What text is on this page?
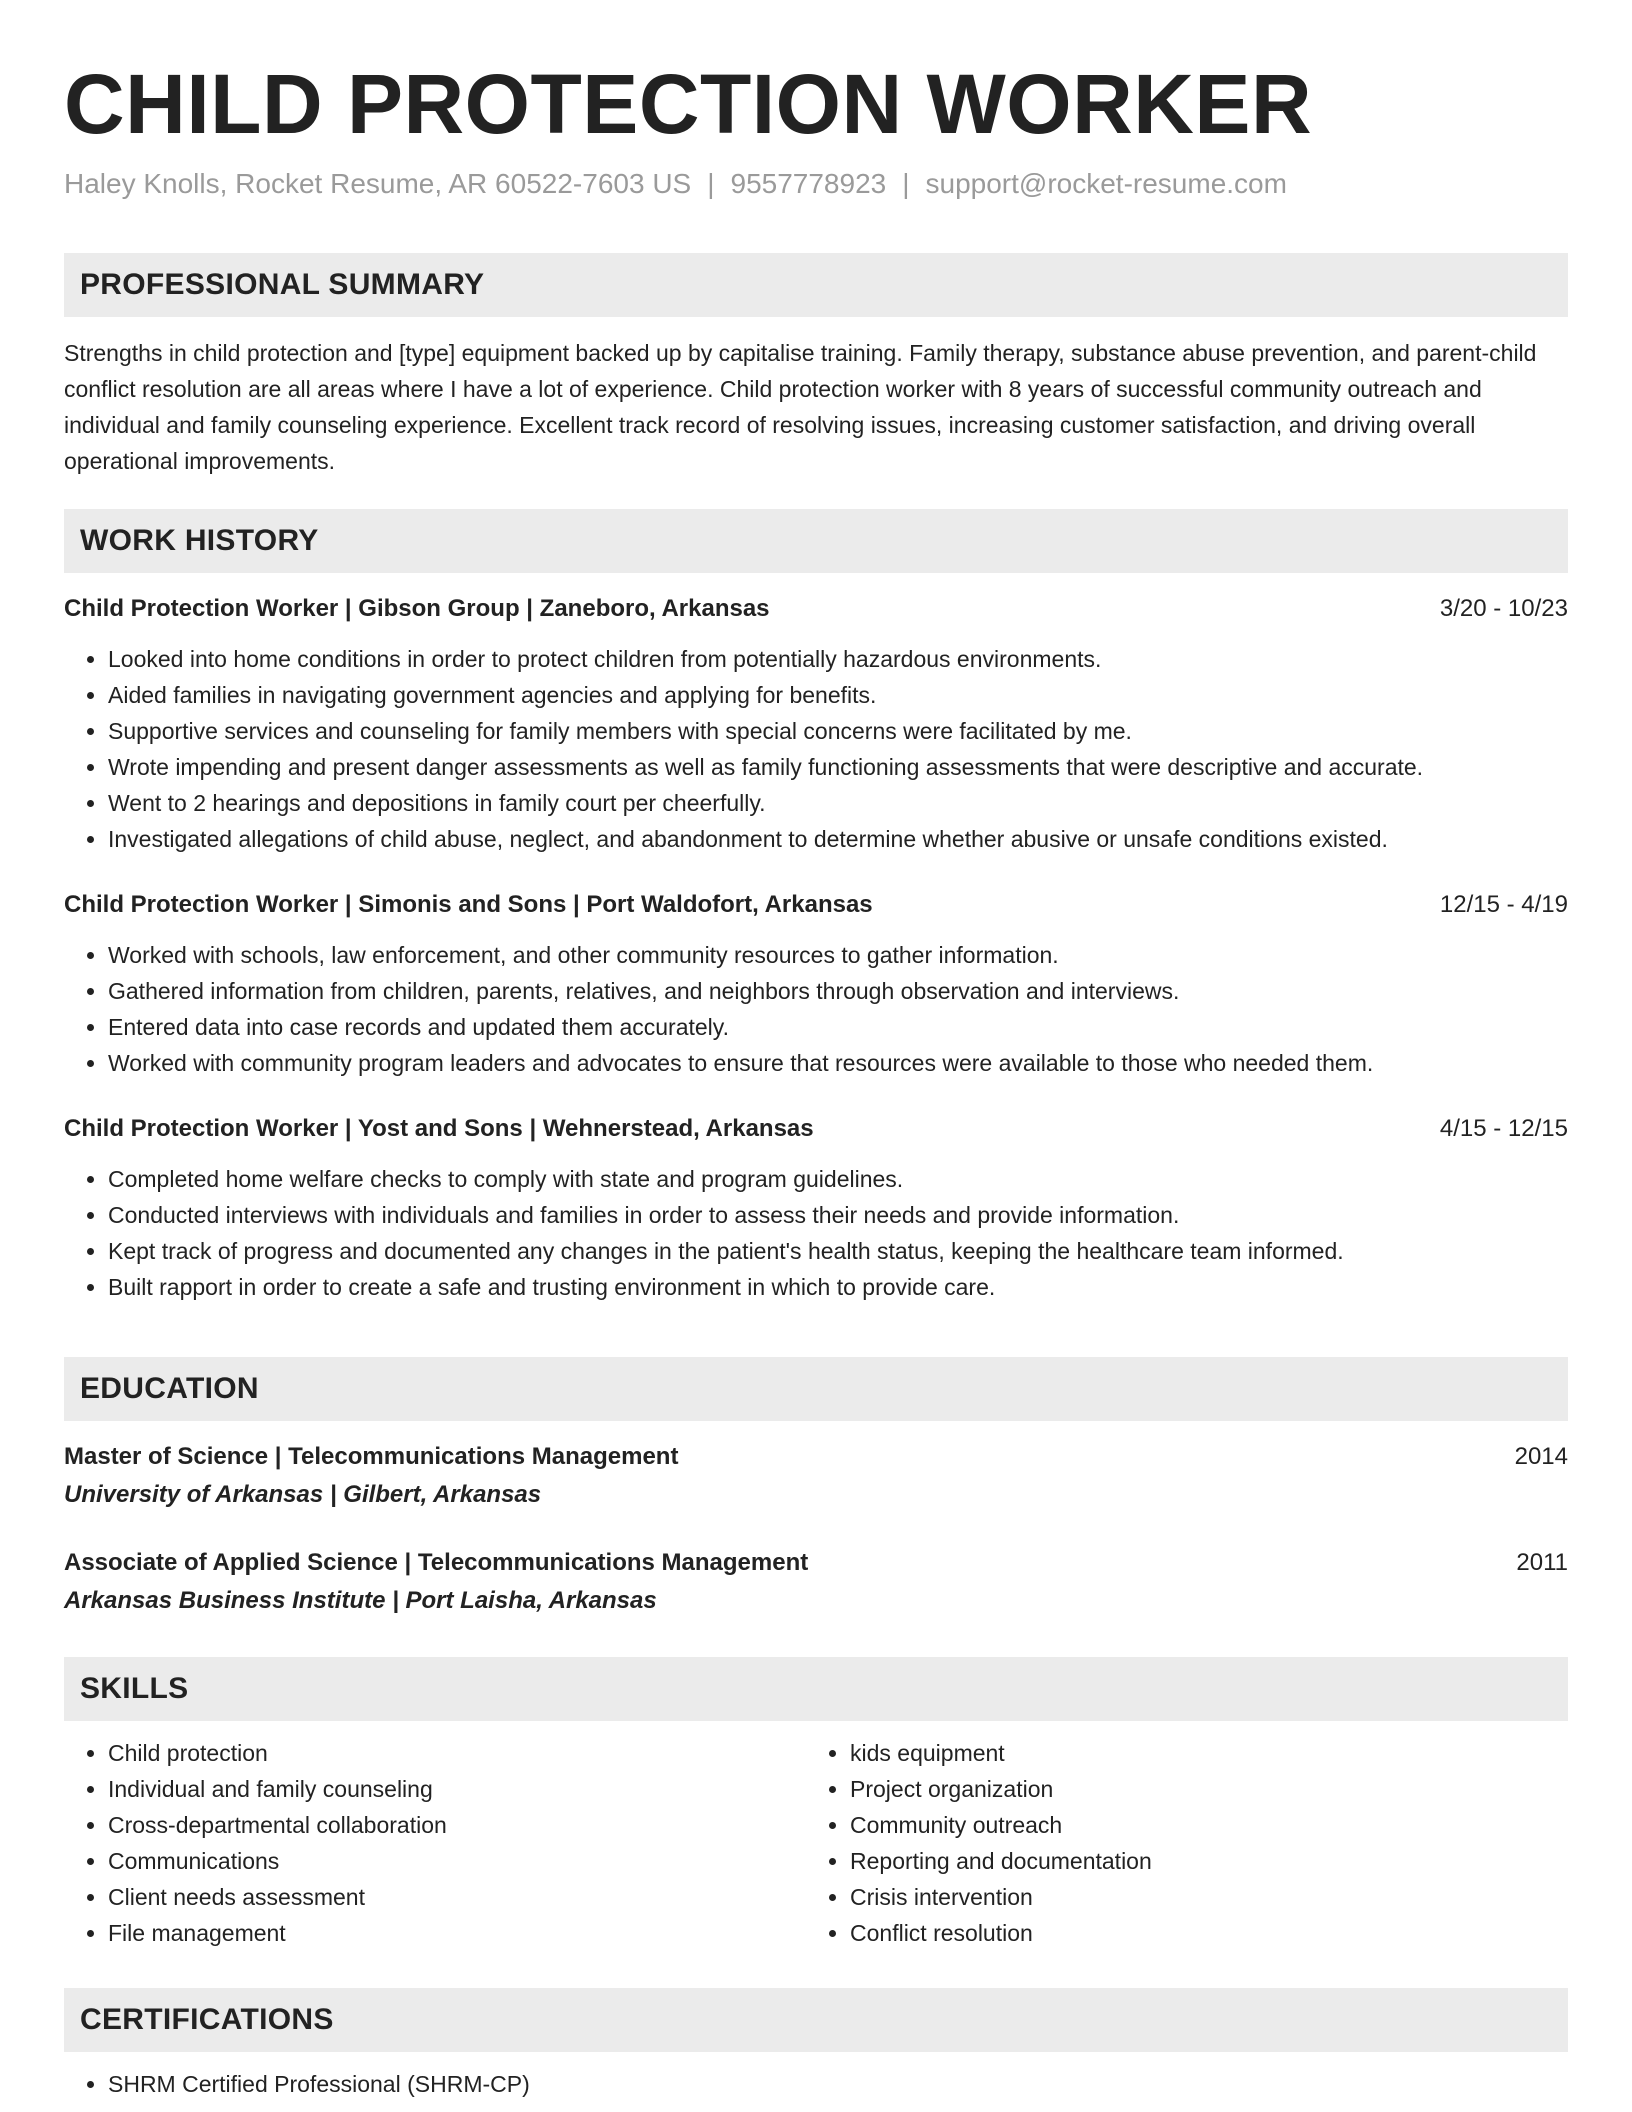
CHILD PROTECTION WORKER
Haley Knolls, Rocket Resume, AR 60522-7603 US | 9557778923 | support@rocket-resume.com
PROFESSIONAL SUMMARY
Strengths in child protection and [type] equipment backed up by capitalise training. Family therapy, substance abuse prevention, and parent-child conflict resolution are all areas where I have a lot of experience. Child protection worker with 8 years of successful community outreach and individual and family counseling experience. Excellent track record of resolving issues, increasing customer satisfaction, and driving overall operational improvements.
WORK HISTORY
Child Protection Worker | Gibson Group | Zaneboro, Arkansas	3/20 - 10/23
• Looked into home conditions in order to protect children from potentially hazardous environments.
• Aided families in navigating government agencies and applying for benefits.
• Supportive services and counseling for family members with special concerns were facilitated by me.
• Wrote impending and present danger assessments as well as family functioning assessments that were descriptive and accurate.
• Went to 2 hearings and depositions in family court per cheerfully.
• Investigated allegations of child abuse, neglect, and abandonment to determine whether abusive or unsafe conditions existed.
Child Protection Worker | Simonis and Sons | Port Waldofort, Arkansas	12/15 - 4/19
• Worked with schools, law enforcement, and other community resources to gather information.
• Gathered information from children, parents, relatives, and neighbors through observation and interviews.
• Entered data into case records and updated them accurately.
• Worked with community program leaders and advocates to ensure that resources were available to those who needed them.
Child Protection Worker | Yost and Sons | Wehnerstead, Arkansas	4/15 - 12/15
• Completed home welfare checks to comply with state and program guidelines.
• Conducted interviews with individuals and families in order to assess their needs and provide information.
• Kept track of progress and documented any changes in the patient's health status, keeping the healthcare team informed.
• Built rapport in order to create a safe and trusting environment in which to provide care.
EDUCATION
Master of Science | Telecommunications Management	2014
University of Arkansas | Gilbert, Arkansas
Associate of Applied Science | Telecommunications Management	2011
Arkansas Business Institute | Port Laisha, Arkansas
SKILLS
• Child protection
• Individual and family counseling
• Cross-departmental collaboration
• Communications
• Client needs assessment
• File management
• kids equipment
• Project organization
• Community outreach
• Reporting and documentation
• Crisis intervention
• Conflict resolution
CERTIFICATIONS
• SHRM Certified Professional (SHRM-CP)
